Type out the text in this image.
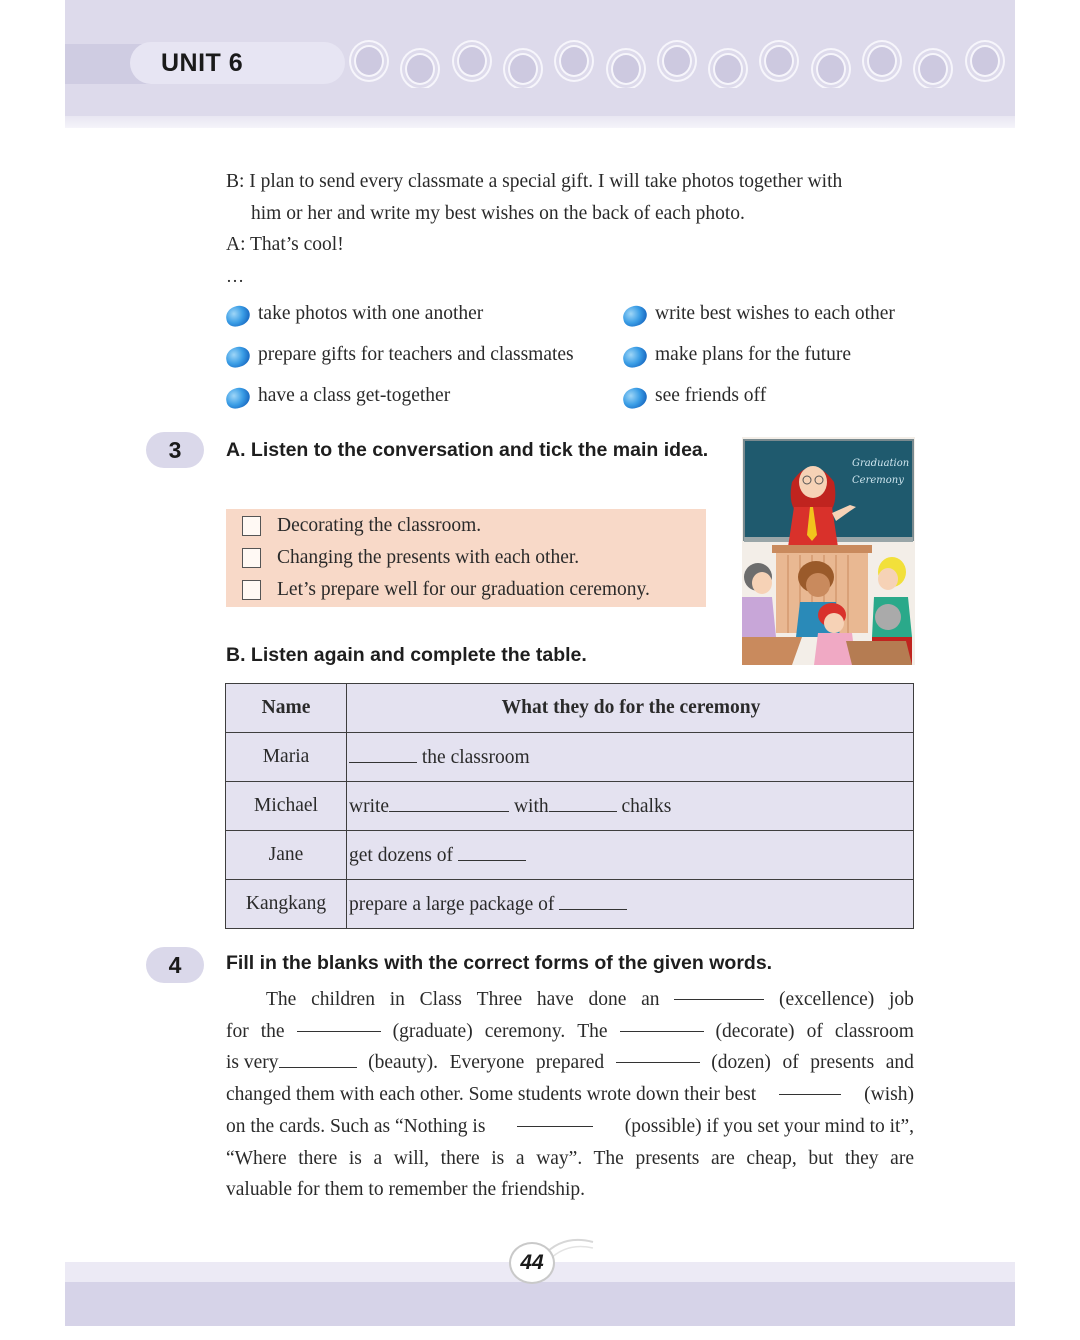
UNIT 6

B: I plan to send every classmate a special gift. I will take photos together with

him or her and write my best wishes on the back of each photo.

A: That’s cool!

…
take photos with one another	write best wishes to each other
prepare gifts for teachers and classmates	make plans for the future
have a class get-together	see friends off
3	A. Listen to the conversation and tick the main idea.
Decorating the classroom.
Changing the presents with each other.
Let’s prepare well for our graduation ceremony.
Graduation
Ceremony
B. Listen again and complete the table.
Name	What they do for the ceremony
Maria	the classroom
Michael	write with chalks
Jane	get dozens of
Kangkang	prepare a large package of
4	Fill in the blanks with the correct forms of the given words.
The children in Class Three have done an	(excellence) job
for the	(graduate) ceremony. The	(decorate) of classroom
is very	(beauty). Everyone prepared	(dozen) of presents and
changed them with each other. Some students wrote down their best	(wish)
on the cards. Such as “Nothing is	(possible) if you set your mind to it”,
“Where there is a will, there is a way”. The presents are cheap, but they are
valuable for them to remember the friendship.
44
